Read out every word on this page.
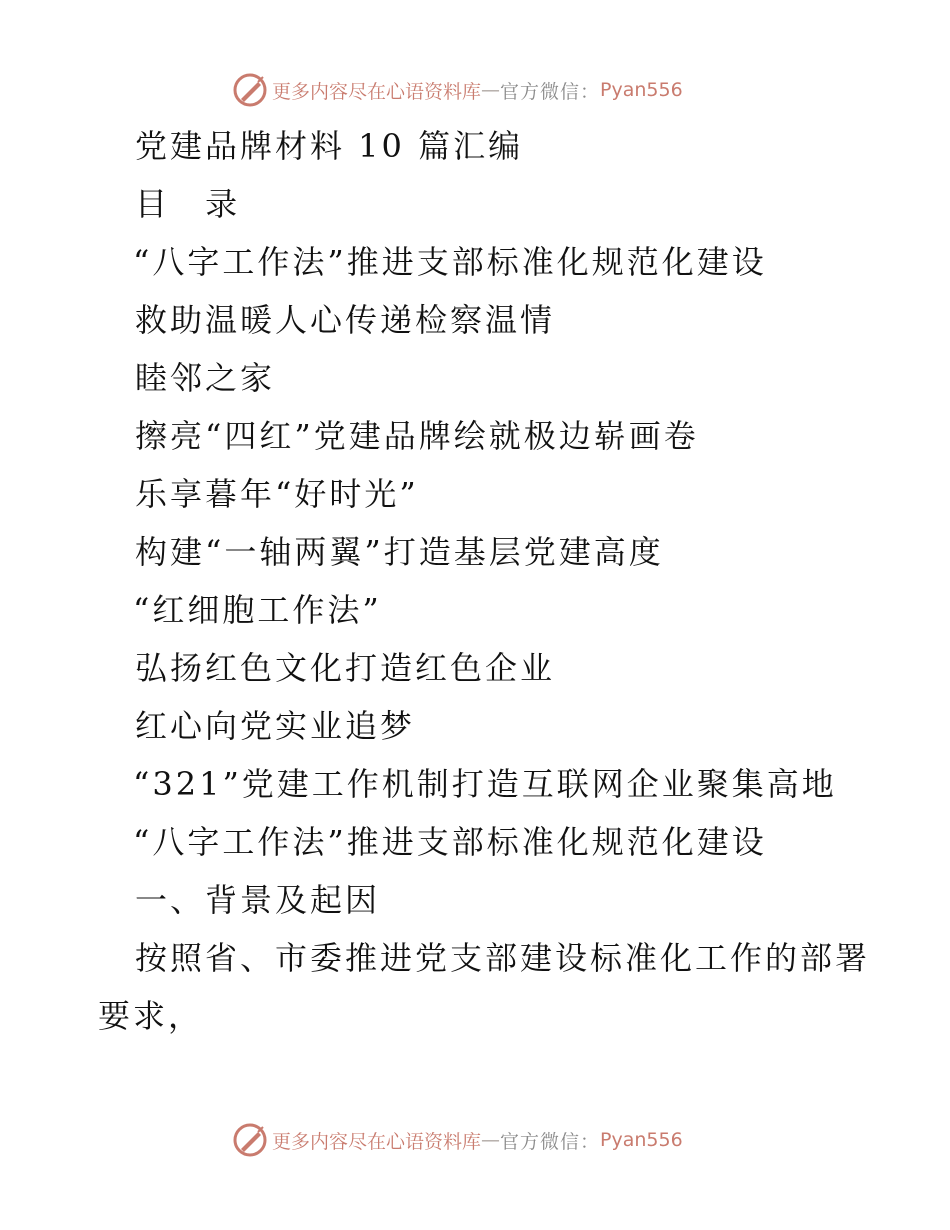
更多内容尽在心语资料库 — 官方微信： Pyan556
党建品牌材料 10 篇汇编
目 录
“八字工作法”推进支部标准化规范化建设
救助温暖人心传递检察温情
睦邻之家
擦亮“四红”党建品牌绘就极边崭画卷
乐享暮年“好时光”
构建“一轴两翼”打造基层党建高度
“红细胞工作法”
弘扬红色文化打造红色企业
红心向党实业追梦
“321”党建工作机制打造互联网企业聚集高地
“八字工作法”推进支部标准化规范化建设
一、背景及起因
按照省、市委推进党支部建设标准化工作的部署
要求，
更多内容尽在心语资料库 — 官方微信： Pyan556
